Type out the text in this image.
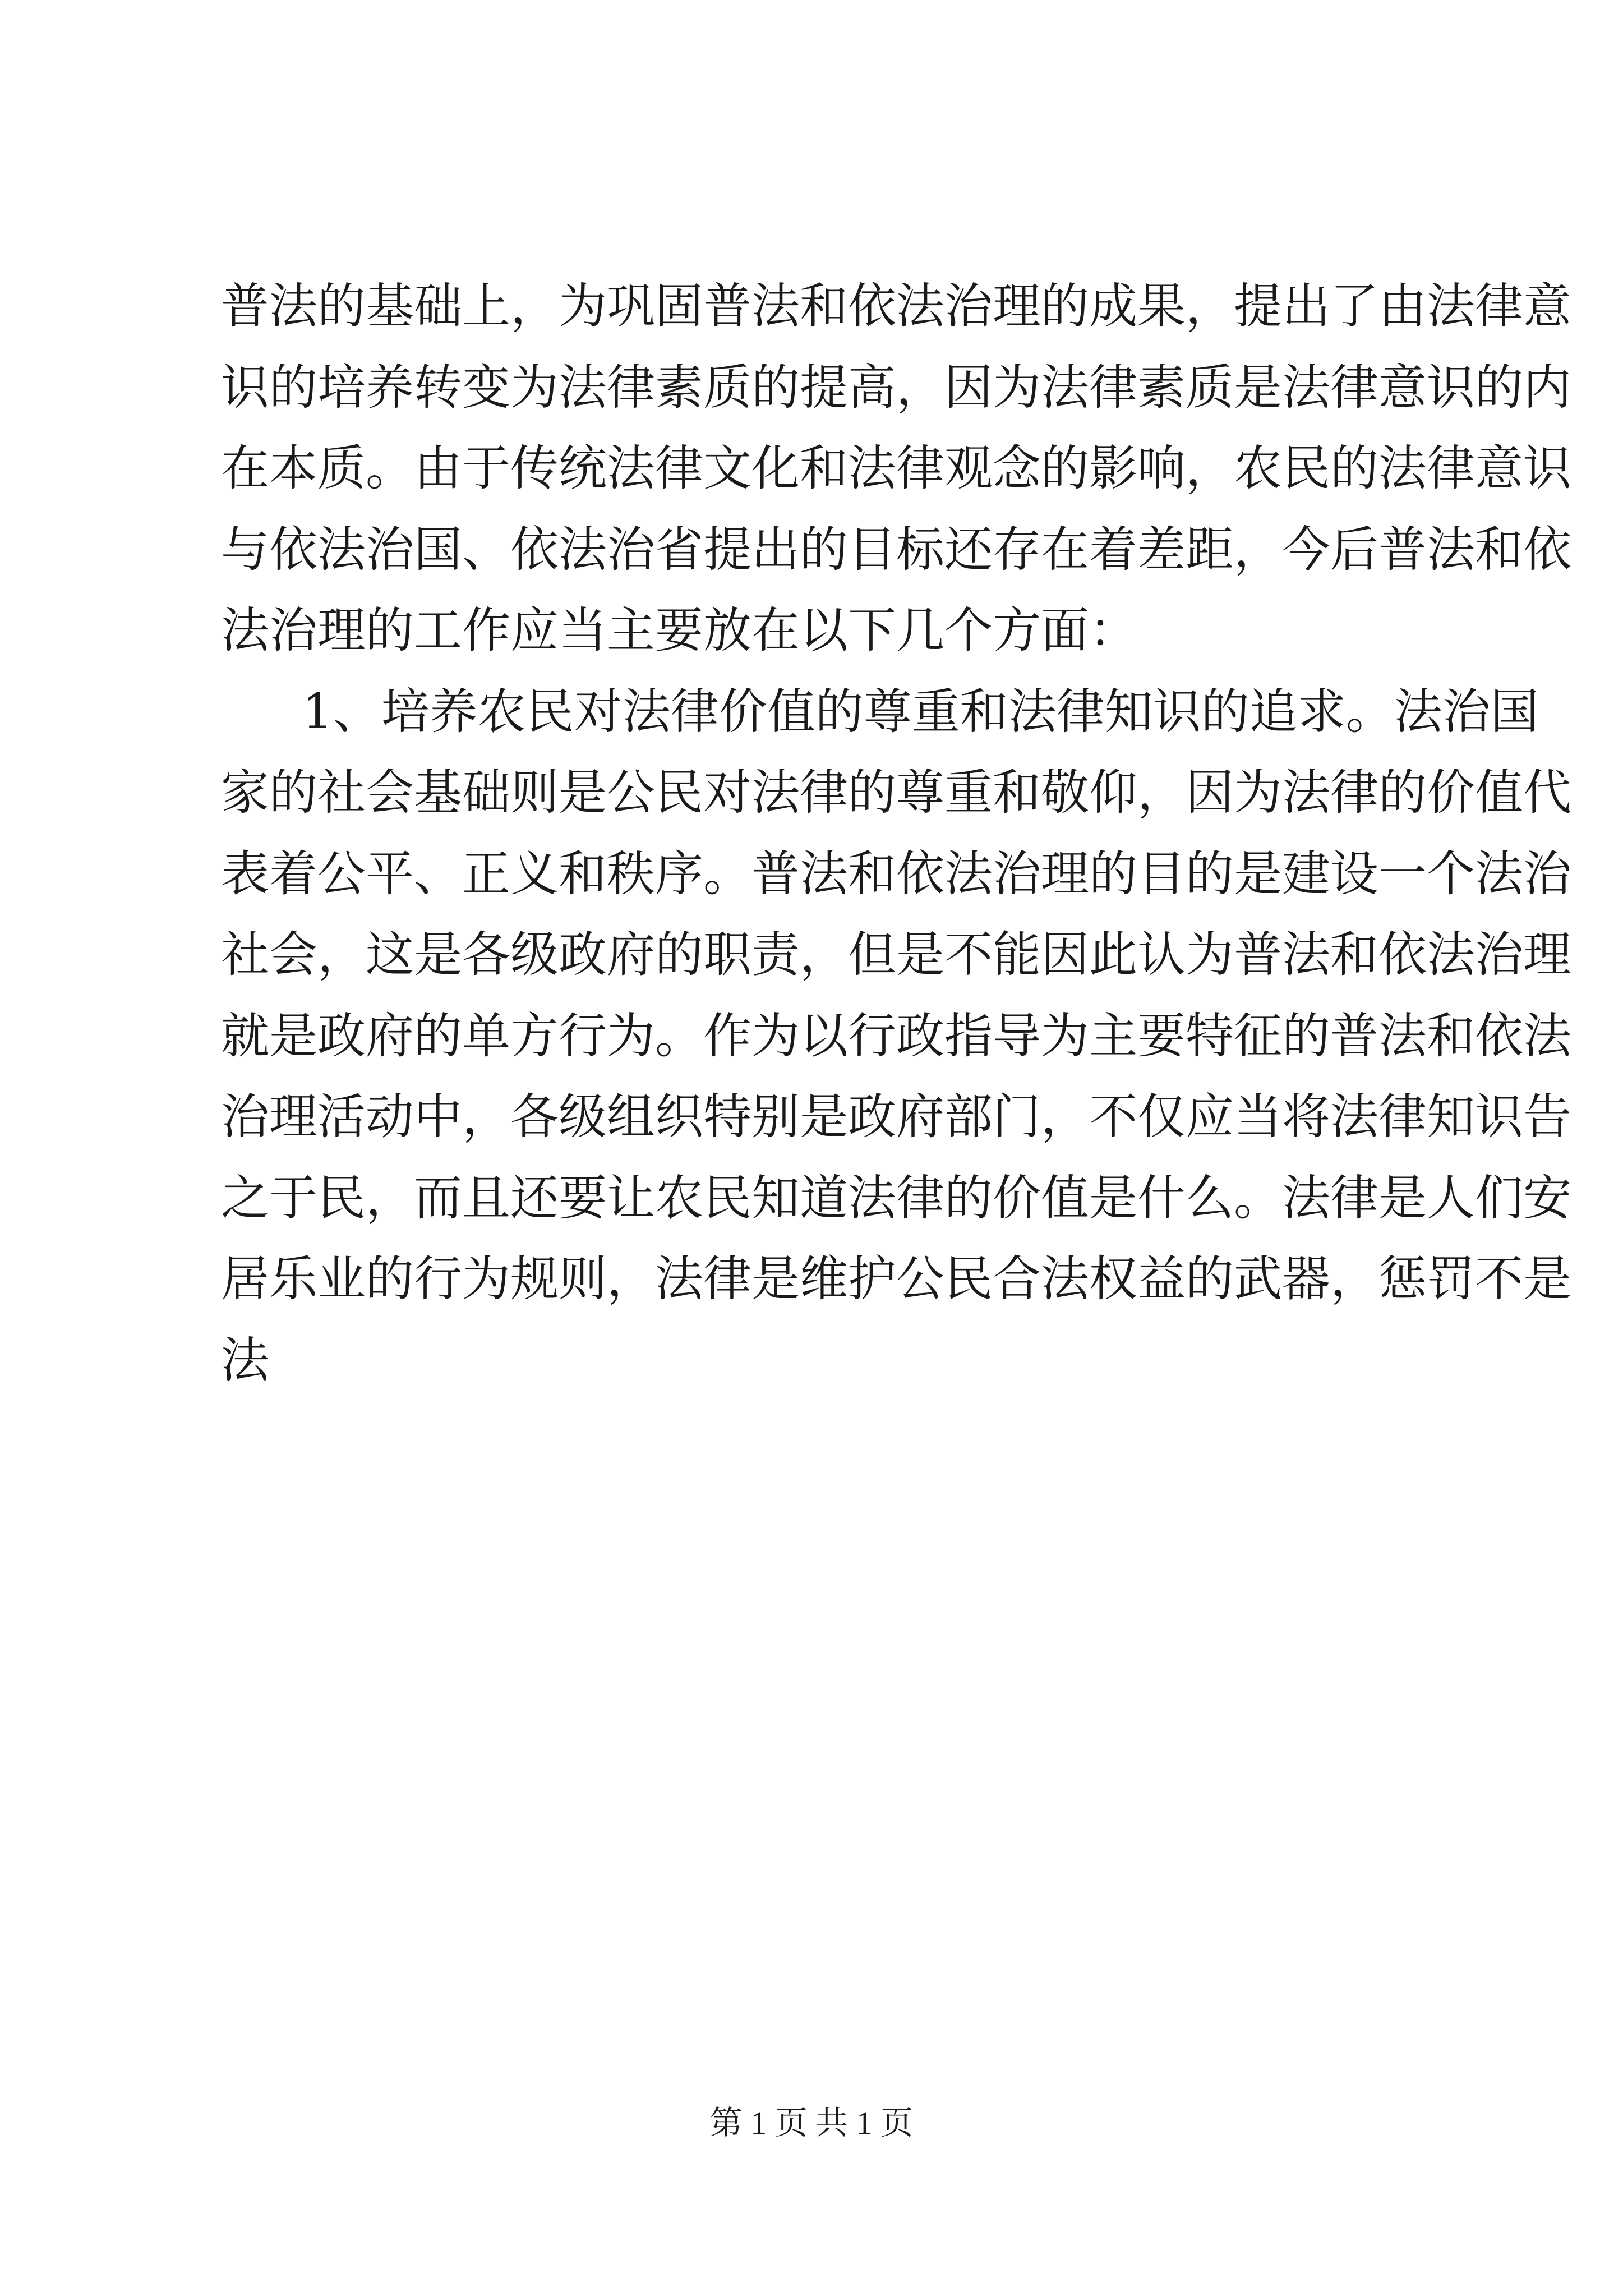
普法的基础上，为巩固普法和依法治理的成果，提出了由法律意
识的培养转变为法律素质的提高，因为法律素质是法律意识的内
在本质。由于传统法律文化和法律观念的影响，农民的法律意识
与依法治国、依法治省提出的目标还存在着差距，今后普法和依
法治理的工作应当主要放在以下几个方面：
1、培养农民对法律价值的尊重和法律知识的追求。法治国
家的社会基础则是公民对法律的尊重和敬仰，因为法律的价值代
表着公平、正义和秩序。普法和依法治理的目的是建设一个法治
社会，这是各级政府的职责，但是不能因此认为普法和依法治理
就是政府的单方行为。作为以行政指导为主要特征的普法和依法
治理活动中，各级组织特别是政府部门，不仅应当将法律知识告
之于民，而且还要让农民知道法律的价值是什么。法律是人们安
居乐业的行为规则，法律是维护公民合法权益的武器，惩罚不是
法
第 1 页 共 1 页
